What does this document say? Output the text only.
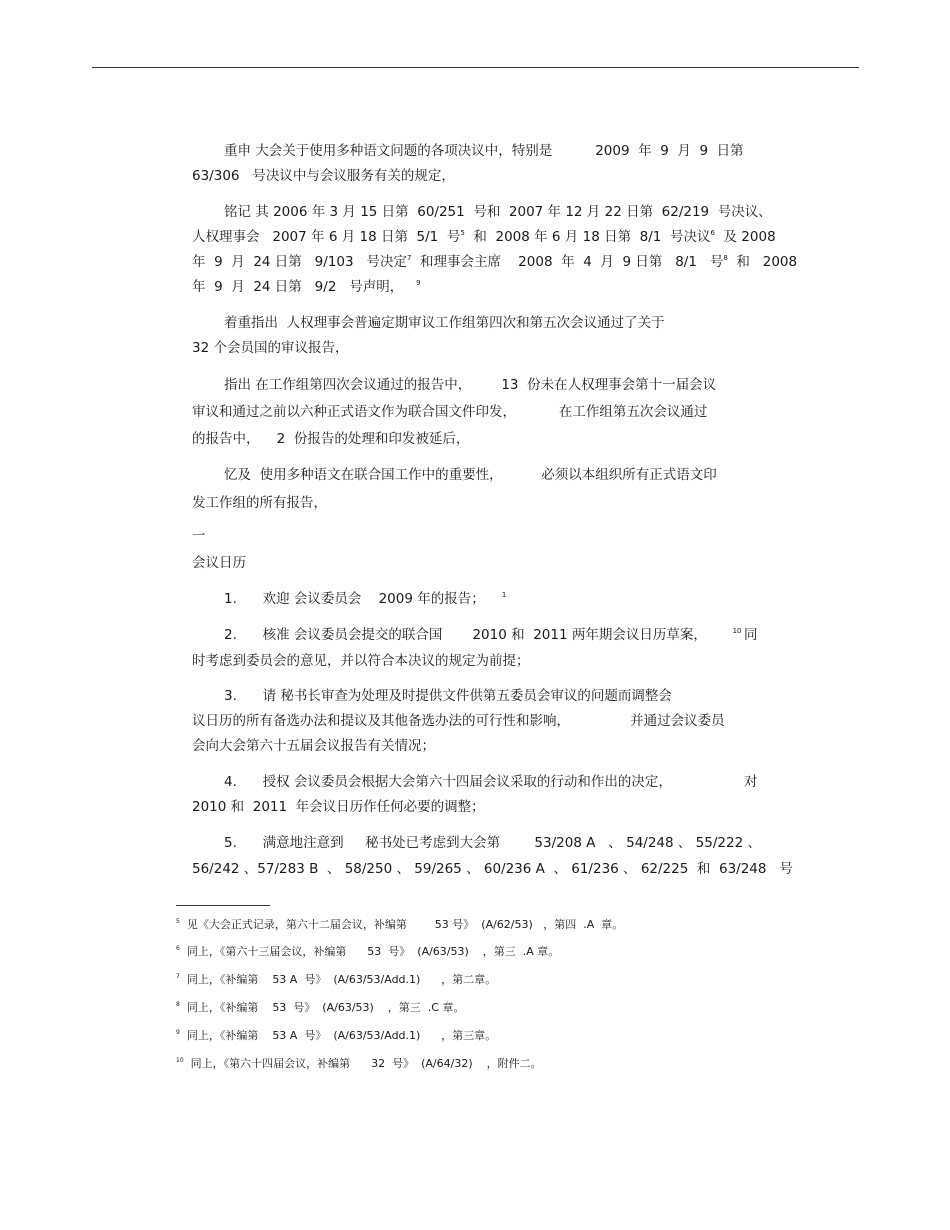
重申 大会关于使用多种语文问题的各项决议中，特别是          2009  年  9  月  9  日第
63/306   号决议中与会议服务有关的规定，
铭记 其 2006 年 3 月 15 日第  60/251  号和  2007 年 12 月 22 日第  62/219  号决议、
人权理事会   2007 年 6 月 18 日第  5/1  号$^5$  和  2008 年 6 月 18 日第  8/1  号决议$^6$  及 2008
年  9  月  24 日第   9/103   号决定$^7$  和理事会主席    2008  年  4  月  9 日第   8/1   号$^8$  和   2008
年  9  月  24 日第   9/2   号声明， $^9$
着重指出  人权理事会普遍定期审议工作组第四次和第五次会议通过了关于
32 个会员国的审议报告，
指出 在工作组第四次会议通过的报告中，       13  份未在人权理事会第十一届会议
审议和通过之前以六种正式语文作为联合国文件印发，          在工作组第五次会议通过
的报告中，    2  份报告的处理和印发被延后，
忆及  使用多种语文在联合国工作中的重要性，         必须以本组织所有正式语文印
发工作组的所有报告，
一
会议日历
1.      欢迎 会议委员会    2009 年的报告； $^1$
2.      核准 会议委员会提交的联合国       2010 和  2011 两年期会议日历草案，	$^{10}$ 同
时考虑到委员会的意见，并以符合本决议的规定为前提；
3.      请 秘书长审查为处理及时提供文件供第五委员会审议的问题而调整会
议日历的所有备选办法和提议及其他备选办法的可行性和影响，              并通过会议委员
会向大会第六十五届会议报告有关情况；
4.      授权 会议委员会根据大会第六十四届会议采取的行动和作出的决定，	对
2010 和  2011  年会议日历作任何必要的调整；
5.      满意地注意到     秘书处已考虑到大会第        53/208 A   、 54/248 、 55/222 、
56/242 、57/283 B  、 58/250 、 59/265 、 60/236 A  、 61/236 、 62/225  和  63/248   号
$^5$ 见《大会正式记录，第六十二届会议，补编第        53 号》  (A/62/53)   ，第四  .A  章。
$^6$ 同上，《第六十三届会议，补编第      53  号》  (A/63/53)    ，第三  .A 章。
$^7$ 同上，《补编第    53 A  号》  (A/63/53/Add.1)      ，第二章。
$^8$ 同上，《补编第    53  号》  (A/63/53)    ，第三  .C 章。
$^9$ 同上，《补编第    53 A  号》  (A/63/53/Add.1)      ，第三章。
$^{10}$ 同上，《第六十四届会议，补编第      32  号》  (A/64/32)    ，附件二。
